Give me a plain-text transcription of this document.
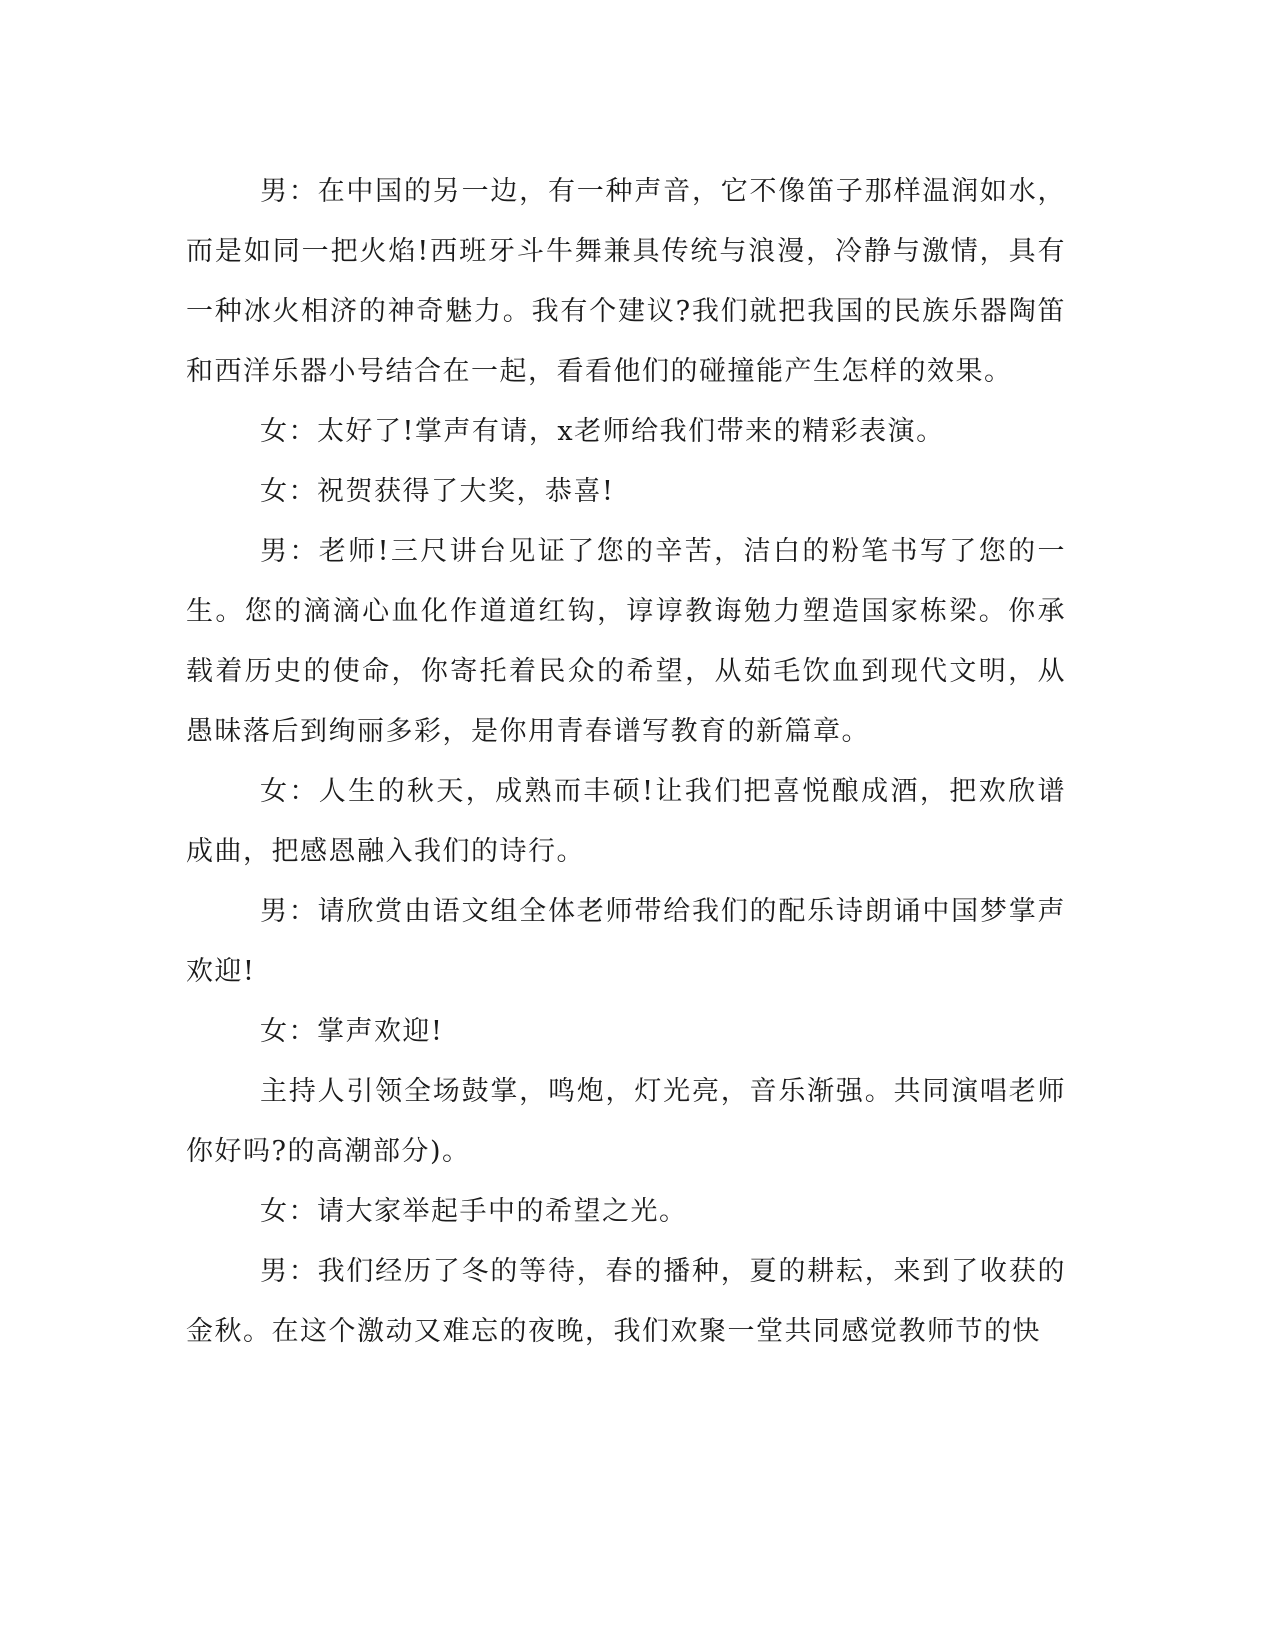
男：在中国的另一边，有一种声音，它不像笛子那样温润如水，而是如同一把火焰!西班牙斗牛舞兼具传统与浪漫，冷静与激情，具有一种冰火相济的神奇魅力。我有个建议?我们就把我国的民族乐器陶笛和西洋乐器小号结合在一起，看看他们的碰撞能产生怎样的效果。

女：太好了!掌声有请，x老师给我们带来的精彩表演。

女：祝贺获得了大奖，恭喜!

男：老师!三尺讲台见证了您的辛苦，洁白的粉笔书写了您的一生。您的滴滴心血化作道道红钩，谆谆教诲勉力塑造国家栋梁。你承载着历史的使命，你寄托着民众的希望，从茹毛饮血到现代文明，从愚昧落后到绚丽多彩，是你用青春谱写教育的新篇章。

女：人生的秋天，成熟而丰硕!让我们把喜悦酿成酒，把欢欣谱成曲，把感恩融入我们的诗行。

男：请欣赏由语文组全体老师带给我们的配乐诗朗诵中国梦掌声欢迎!

女：掌声欢迎!

主持人引领全场鼓掌，鸣炮，灯光亮，音乐渐强。共同演唱老师你好吗?的高潮部分)。

女：请大家举起手中的希望之光。

男：我们经历了冬的等待，春的播种，夏的耕耘，来到了收获的金秋。在这个激动又难忘的夜晚，我们欢聚一堂共同感觉教师节的快
